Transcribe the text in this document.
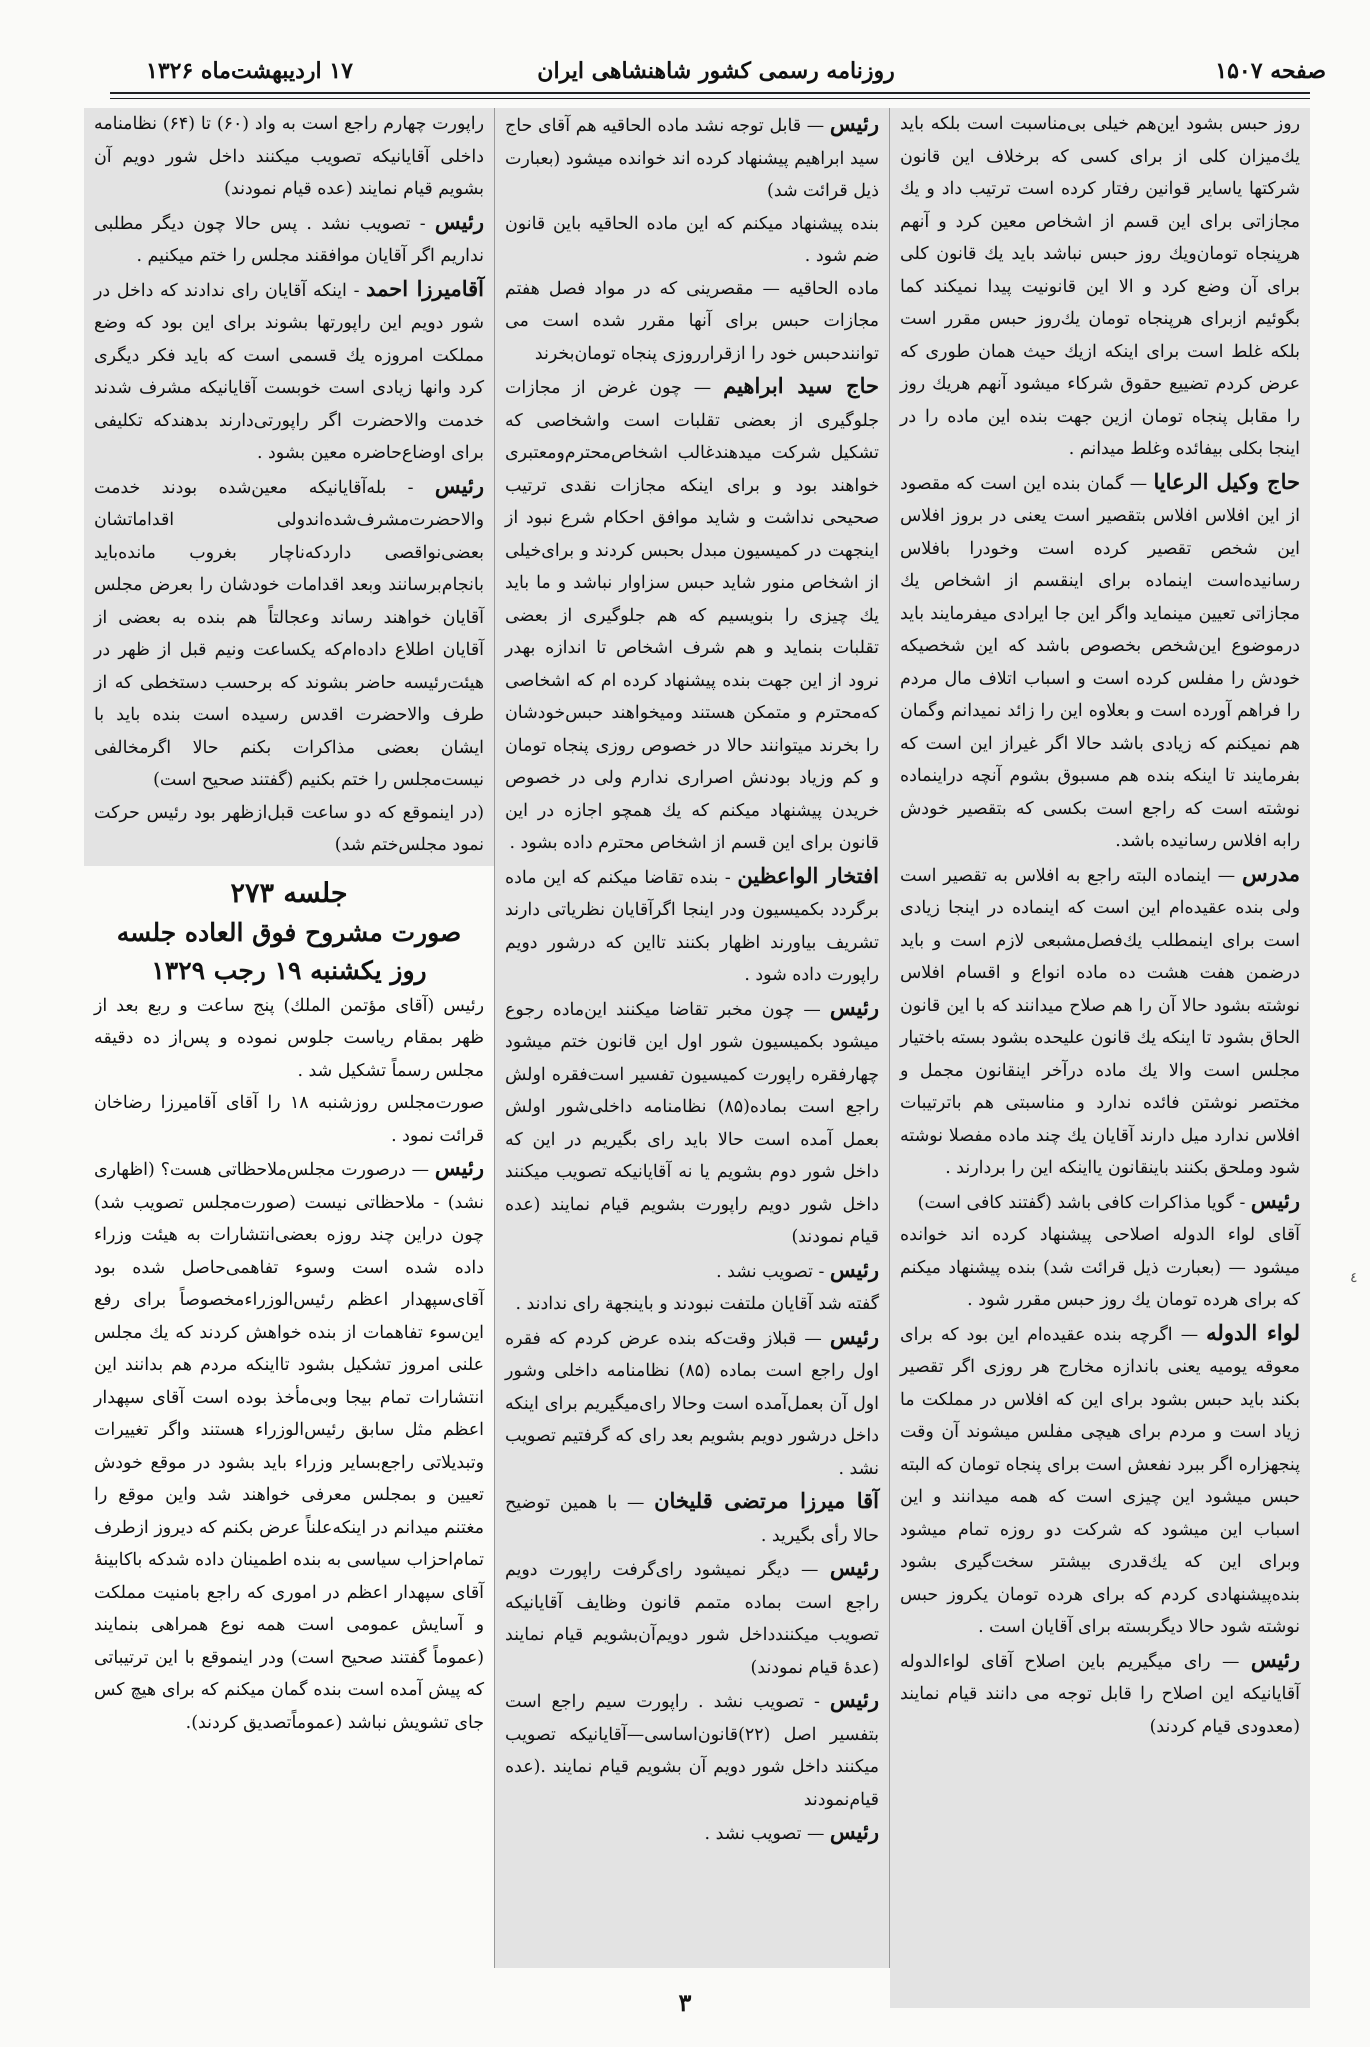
صفحه ۱۵۰۷
روزنامه رسمی کشور شاهنشاهی ایران
۱۷ اردیبهشت‌ماه ۱۳۲۶

روز حبس بشود این‌هم خیلی بی‌مناسبت است بلکه باید یك‌میزان کلی از برای کسی که برخلاف این قانون شرکتها یاسایر قوانین رفتار کرده است ترتیب داد و یك مجازاتی برای این قسم از اشخاص معین کرد و آنهم هرپنجاه تومان‌ویك روز حبس نباشد باید یك قانون کلی برای آن وضع کرد و الا این قانونیت پیدا نمیکند کما بگوئیم ازبرای هرپنجاه تومان یك‌روز حبس مقرر است بلکه غلط است برای اینکه ازیك حیث همان طوری که عرض کردم تضییع حقوق شرکاء میشود آنهم هریك روز را مقابل پنجاه تومان ازین جهت بنده این ماده را در اینجا بکلی بیفائده وغلط میدانم .

حاج وکیل الرعایا — گمان بنده این است که مقصود از این افلاس افلاس بتقصیر است یعنی در بروز افلاس این شخص تقصیر کرده است وخودرا بافلاس رسانیده‌است اینماده برای اینقسم از اشخاص یك مجازاتی تعیین مینماید واگر این جا ایرادی میفرمایند باید درموضوع این‌شخص بخصوص باشد که این شخصیکه خودش را مفلس کرده است و اسباب اتلاف مال مردم را فراهم آورده است و بعلاوه این را زائد نمیدانم وگمان هم نمیکنم که زیادی باشد حالا اگر غیراز این است که بفرمایند تا اینکه بنده هم مسبوق بشوم آنچه دراینماده نوشته است که راجع است بکسی که بتقصیر خودش رابه افلاس رسانیده باشد.

مدرس — اینماده البته راجع به افلاس به تقصیر است ولی بنده عقیده‌ام این است که اینماده در اینجا زیادی است برای اینمطلب یك‌فصل‌مشبعی لازم است و باید درضمن هفت هشت ده ماده انواع و اقسام افلاس نوشته بشود حالا آن را هم صلاح میدانند که با این قانون الحاق بشود تا اینکه یك قانون علیحده بشود بسته باختیار مجلس است والا یك ماده درآخر اینقانون مجمل و مختصر نوشتن فائده ندارد و مناسبتی هم باترتیبات افلاس ندارد میل دارند آقایان یك چند ماده مفصلا نوشته شود وملحق بکنند باینقانون یااینکه این را بردارند .

رئیس - گویا مذاکرات کافی باشد (گفتند کافی است)

آقای لواء الدوله اصلاحی پیشنهاد کرده اند خوانده میشود — (بعبارت ذیل قرائت شد) بنده پیشنهاد میکنم که برای هرده تومان یك روز حبس مقرر شود .

لواء الدوله — اگرچه بنده عقیده‌ام این بود که برای معوقه یومیه یعنی باندازه مخارج هر روزی اگر تقصیر بکند باید حبس بشود برای این که افلاس در مملکت ما زیاد است و مردم برای هیچی مفلس میشوند آن وقت پنجهزاره اگر ببرد نفعش است برای پنجاه تومان که البته حبس میشود این چیزی است که همه میدانند و این اسباب این میشود که شرکت دو روزه تمام میشود وبرای این که یك‌قدری بیشتر سخت‌گیری بشود بنده‌پیشنهادی کردم که برای هرده تومان یکروز حبس نوشته شود حالا دیگربسته برای آقایان است .

رئیس — رای میگیریم باین اصلاح آقای لواءالدوله آقایانیکه این اصلاح را قابل توجه می دانند قیام نمایند (معدودی قیام کردند)

رئیس — قابل توجه نشد ماده الحاقیه هم آقای حاج سید ابراهیم پیشنهاد کرده اند خوانده میشود (بعبارت ذیل قرائت شد)

بنده پیشنهاد میکنم که این ماده الحاقیه باین قانون ضم شود .

ماده الحاقیه — مقصرینی که در مواد فصل هفتم مجازات حبس برای آنها مقرر شده است می توانندحبس خود را ازقرارروزی پنجاه تومان‌بخرند

حاج سید ابراهیم — چون غرض از مجازات جلوگیری از بعضی تقلبات است واشخاصی که تشکیل شرکت میدهندغالب اشخاص‌محترم‌ومعتبری خواهند بود و برای اینکه مجازات نقدی ترتیب صحیحی نداشت و شاید موافق احکام شرع نبود از اینجهت در کمیسیون مبدل بحبس کردند و برای‌خیلی از اشخاص منور شاید حبس سزاوار نباشد و ما باید یك چیزی را بنویسیم که هم جلوگیری از بعضی تقلبات بنماید و هم شرف اشخاص تا اندازه بهدر نرود از این جهت بنده پیشنهاد کرده ام که اشخاصی که‌محترم و متمکن هستند ومیخواهند حبس‌خودشان را بخرند میتوانند حالا در خصوص روزی پنجاه تومان و کم وزیاد بودنش اصراری ندارم ولی در خصوص خریدن پیشنهاد میکنم که یك همچو اجازه در این قانون برای این قسم از اشخاص محترم داده بشود .

افتخار الواعظین - بنده تقاضا میکنم که این ماده برگردد بکمیسیون ودر اینجا اگرآقایان نظریاتی دارند تشریف بیاورند اظهار بکنند تااین که درشور دویم راپورت داده شود .

رئیس — چون مخبر تقاضا میکنند این‌ماده رجوع میشود بکمیسیون شور اول این قانون ختم میشود چهارفقره راپورت کمیسیون تفسیر است‌فقره اولش راجع است بماده(۸۵) نظامنامه داخلی‌شور اولش بعمل آمده است حالا باید رای بگیریم در این که داخل شور دوم بشویم یا نه آقایانیکه تصویب میکنند داخل شور دویم راپورت بشویم قیام نمایند (عده قیام نمودند)

رئیس - تصویب نشد .

گفته شد آقایان ملتفت نبودند و باینجهة رای ندادند .

رئیس — قبلاز وقت‌که بنده عرض کردم که فقره اول راجع است بماده (۸۵) نظامنامه داخلی وشور اول آن بعمل‌آمده است وحالا رای‌میگیریم برای اینکه داخل درشور دویم بشویم بعد رای که گرفتیم تصویب نشد .

آقا میرزا مرتضی قلیخان — با همین توضیح حالا رأی بگیرید .

رئیس — دیگر نمیشود رای‌گرفت راپورت دویم راجع است بماده متمم قانون وظایف آقایانیکه تصویب میکنندداخل شور دویم‌آن‌بشویم قیام نمایند (عدهٔ قیام نمودند)

رئیس - تصویب نشد . راپورت سیم راجع است بتفسیر اصل (۲۲)قانون‌اساسی—آقایانیکه تصویب میکنند داخل شور دویم آن بشویم قیام نمایند .(عده قیام‌نمودند

رئیس — تصویب نشد .

راپورت چهارم راجع است به واد (۶۰) تا (۶۴) نظامنامه داخلی آقایانیکه تصویب میکنند داخل شور دویم آن بشویم قیام نمایند (عده قیام نمودند)

رئیس - تصویب نشد . پس حالا چون دیگر مطلبی نداریم اگر آقایان موافقند مجلس را ختم میکنیم .

آقامیرزا احمد - اینکه آقایان رای ندادند که داخل در شور دویم این راپورتها بشوند برای این بود که وضع مملکت امروزه یك قسمی است که باید فکر دیگری کرد وانها زیادی است خوبست آقایانیکه مشرف شدند خدمت والاحضرت اگر راپورتی‌دارند بدهندکه تکلیفی برای اوضاع‌حاضره معین بشود .

رئیس - بله‌آقایانیکه معین‌شده بودند خدمت والاحضرت‌مشرف‌شده‌اندولی اقداماتشان بعضی‌نواقصی داردکه‌ناچار بغروب مانده‌باید بانجام‌برسانند وبعد اقدامات خودشان را بعرض مجلس آقایان خواهند رساند وعجالتاً هم بنده به بعضی از آقایان اطلاع داده‌ام‌که یکساعت ونیم قبل از ظهر در هیئت‌رئیسه حاضر بشوند که برحسب دستخطی که از طرف والاحضرت اقدس رسیده است بنده باید با ایشان بعضی مذاکرات بکنم حالا اگرمخالفی نیست‌مجلس را ختم بکنیم (گفتند صحیح است)

(در اینموقع که دو ساعت قبل‌ازظهر بود رئیس حرکت نمود مجلس‌ختم شد)

جلسه ۲۷۳

صورت مشروح فوق العاده جلسه

روز یکشنبه ۱۹ رجب ۱۳۲۹

رئیس (آقای مؤتمن الملك) پنج ساعت و ربع بعد از ظهر بمقام ریاست جلوس نموده و پس‌از ده دقیقه مجلس رسماً تشکیل شد .

صورت‌مجلس روزشنبه ۱۸ را آقای آقامیرزا رضاخان قرائت نمود .

رئیس — درصورت مجلس‌ملاحظاتی هست؟ (اظهاری نشد) - ملاحظاتی نیست (صورت‌مجلس تصویب شد) چون دراین چند روزه بعضی‌انتشارات به هیئت وزراء داده شده است وسوء تفاهمی‌حاصل شده بود آقای‌سپهدار اعظم رئیس‌الوزراءمخصوصاً برای رفع این‌سوء تفاهمات از بنده خواهش کردند که یك مجلس علنی امروز تشکیل بشود تااینکه مردم هم بدانند این انتشارات تمام بیجا وبی‌مأخذ بوده است آقای سپهدار اعظم مثل سابق رئیس‌الوزراء هستند واگر تغییرات وتبدیلاتی راجع‌بسایر وزراء باید بشود در موقع خودش تعیین و بمجلس معرفی خواهند شد واین موقع را مغتنم میدانم در اینکه‌علناً عرض بکنم که دیروز ازطرف تمام‌احزاب سیاسی به بنده اطمینان داده شدکه باکابینهٔ آقای سپهدار اعظم در اموری که راجع بامنیت مملکت و آسایش عمومی است همه نوع همراهی بنمایند (عموماً گفتند صحیح است) ودر اینموقع با این ترتیباتی که پیش آمده است بنده گمان میکنم که برای هیچ کس جای تشویش نباشد (عموماًتصدیق کردند).

۳
٤
